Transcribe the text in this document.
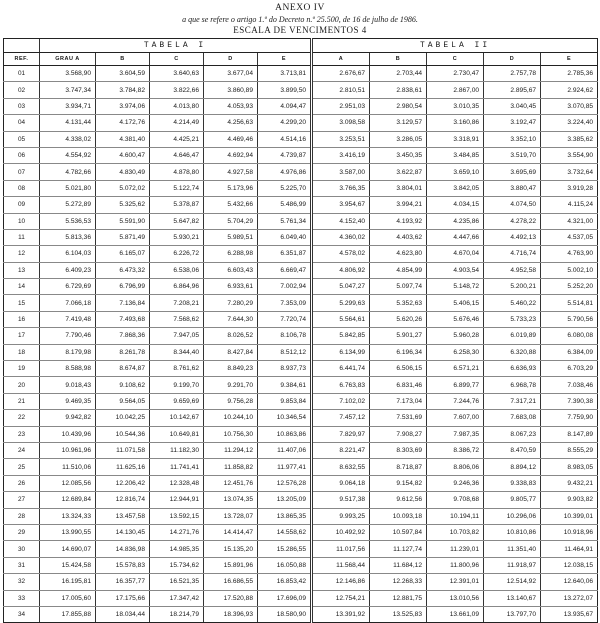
ANEXO IV
a que se refere o artigo 1.º do Decreto n.º 25.500, de 16 de julho de 1986.
ESCALA DE VENCIMENTOS 4
	TABELA I					TABELA II				
REF.	GRAU A	B	C	D	E	A	B	C	D	E
01	3.568,90	3.604,59	3.640,63	3.677,04	3.713,81	2.676,67	2.703,44	2.730,47	2.757,78	2.785,36
02	3.747,34	3.784,82	3.822,66	3.860,89	3.899,50	2.810,51	2.838,61	2.867,00	2.895,67	2.924,62
03	3.934,71	3.974,06	4.013,80	4.053,93	4.094,47	2.951,03	2.980,54	3.010,35	3.040,45	3.070,85
04	4.131,44	4.172,76	4.214,49	4.256,63	4.299,20	3.098,58	3.129,57	3.160,86	3.192,47	3.224,40
05	4.338,02	4.381,40	4.425,21	4.469,46	4.514,16	3.253,51	3.286,05	3.318,91	3.352,10	3.385,62
06	4.554,92	4.600,47	4.646,47	4.692,94	4.739,87	3.416,19	3.450,35	3.484,85	3.519,70	3.554,90
07	4.782,66	4.830,49	4.878,80	4.927,58	4.976,86	3.587,00	3.622,87	3.659,10	3.695,69	3.732,64
08	5.021,80	5.072,02	5.122,74	5.173,96	5.225,70	3.766,35	3.804,01	3.842,05	3.880,47	3.919,28
09	5.272,89	5.325,62	5.378,87	5.432,66	5.486,99	3.954,67	3.994,21	4.034,15	4.074,50	4.115,24
10	5.536,53	5.591,90	5.647,82	5.704,29	5.761,34	4.152,40	4.193,92	4.235,86	4.278,22	4.321,00
11	5.813,36	5.871,49	5.930,21	5.989,51	6.049,40	4.360,02	4.403,62	4.447,66	4.492,13	4.537,05
12	6.104,03	6.165,07	6.226,72	6.288,98	6.351,87	4.578,02	4.623,80	4.670,04	4.716,74	4.763,90
13	6.409,23	6.473,32	6.538,06	6.603,43	6.669,47	4.806,92	4.854,99	4.903,54	4.952,58	5.002,10
14	6.729,69	6.796,99	6.864,96	6.933,61	7.002,94	5.047,27	5.097,74	5.148,72	5.200,21	5.252,20
15	7.066,18	7.136,84	7.208,21	7.280,29	7.353,09	5.299,63	5.352,63	5.406,15	5.460,22	5.514,81
16	7.419,48	7.493,68	7.568,62	7.644,30	7.720,74	5.564,61	5.620,26	5.676,46	5.733,23	5.790,56
17	7.790,46	7.868,36	7.947,05	8.026,52	8.106,78	5.842,85	5.901,27	5.960,28	6.019,89	6.080,08
18	8.179,98	8.261,78	8.344,40	8.427,84	8.512,12	6.134,99	6.196,34	6.258,30	6.320,88	6.384,09
19	8.588,98	8.674,87	8.761,62	8.849,23	8.937,73	6.441,74	6.506,15	6.571,21	6.636,93	6.703,29
20	9.018,43	9.108,62	9.199,70	9.291,70	9.384,61	6.763,83	6.831,46	6.899,77	6.968,78	7.038,46
21	9.469,35	9.564,05	9.659,69	9.756,28	9.853,84	7.102,02	7.173,04	7.244,76	7.317,21	7.390,38
22	9.942,82	10.042,25	10.142,67	10.244,10	10.346,54	7.457,12	7.531,69	7.607,00	7.683,08	7.759,90
23	10.439,96	10.544,36	10.649,81	10.756,30	10.863,86	7.829,97	7.908,27	7.987,35	8.067,23	8.147,89
24	10.961,96	11.071,58	11.182,30	11.294,12	11.407,06	8.221,47	8.303,69	8.386,72	8.470,59	8.555,29
25	11.510,06	11.625,16	11.741,41	11.858,82	11.977,41	8.632,55	8.718,87	8.806,06	8.894,12	8.983,05
26	12.085,56	12.206,42	12.328,48	12.451,76	12.576,28	9.064,18	9.154,82	9.246,36	9.338,83	9.432,21
27	12.689,84	12.816,74	12.944,91	13.074,35	13.205,09	9.517,38	9.612,56	9.708,68	9.805,77	9.903,82
28	13.324,33	13.457,58	13.592,15	13.728,07	13.865,35	9.993,25	10.093,18	10.194,11	10.296,06	10.399,01
29	13.990,55	14.130,45	14.271,76	14.414,47	14.558,62	10.492,92	10.597,84	10.703,82	10.810,86	10.918,96
30	14.690,07	14.836,98	14.985,35	15.135,20	15.286,55	11.017,56	11.127,74	11.239,01	11.351,40	11.464,91
31	15.424,58	15.578,83	15.734,62	15.891,96	16.050,88	11.568,44	11.684,12	11.800,96	11.918,97	12.038,15
32	16.195,81	16.357,77	16.521,35	16.686,55	16.853,42	12.146,86	12.268,33	12.391,01	12.514,92	12.640,06
33	17.005,60	17.175,66	17.347,42	17.520,88	17.696,09	12.754,21	12.881,75	13.010,56	13.140,67	13.272,07
34	17.855,88	18.034,44	18.214,79	18.396,93	18.580,90	13.391,92	13.525,83	13.661,09	13.797,70	13.935,67
